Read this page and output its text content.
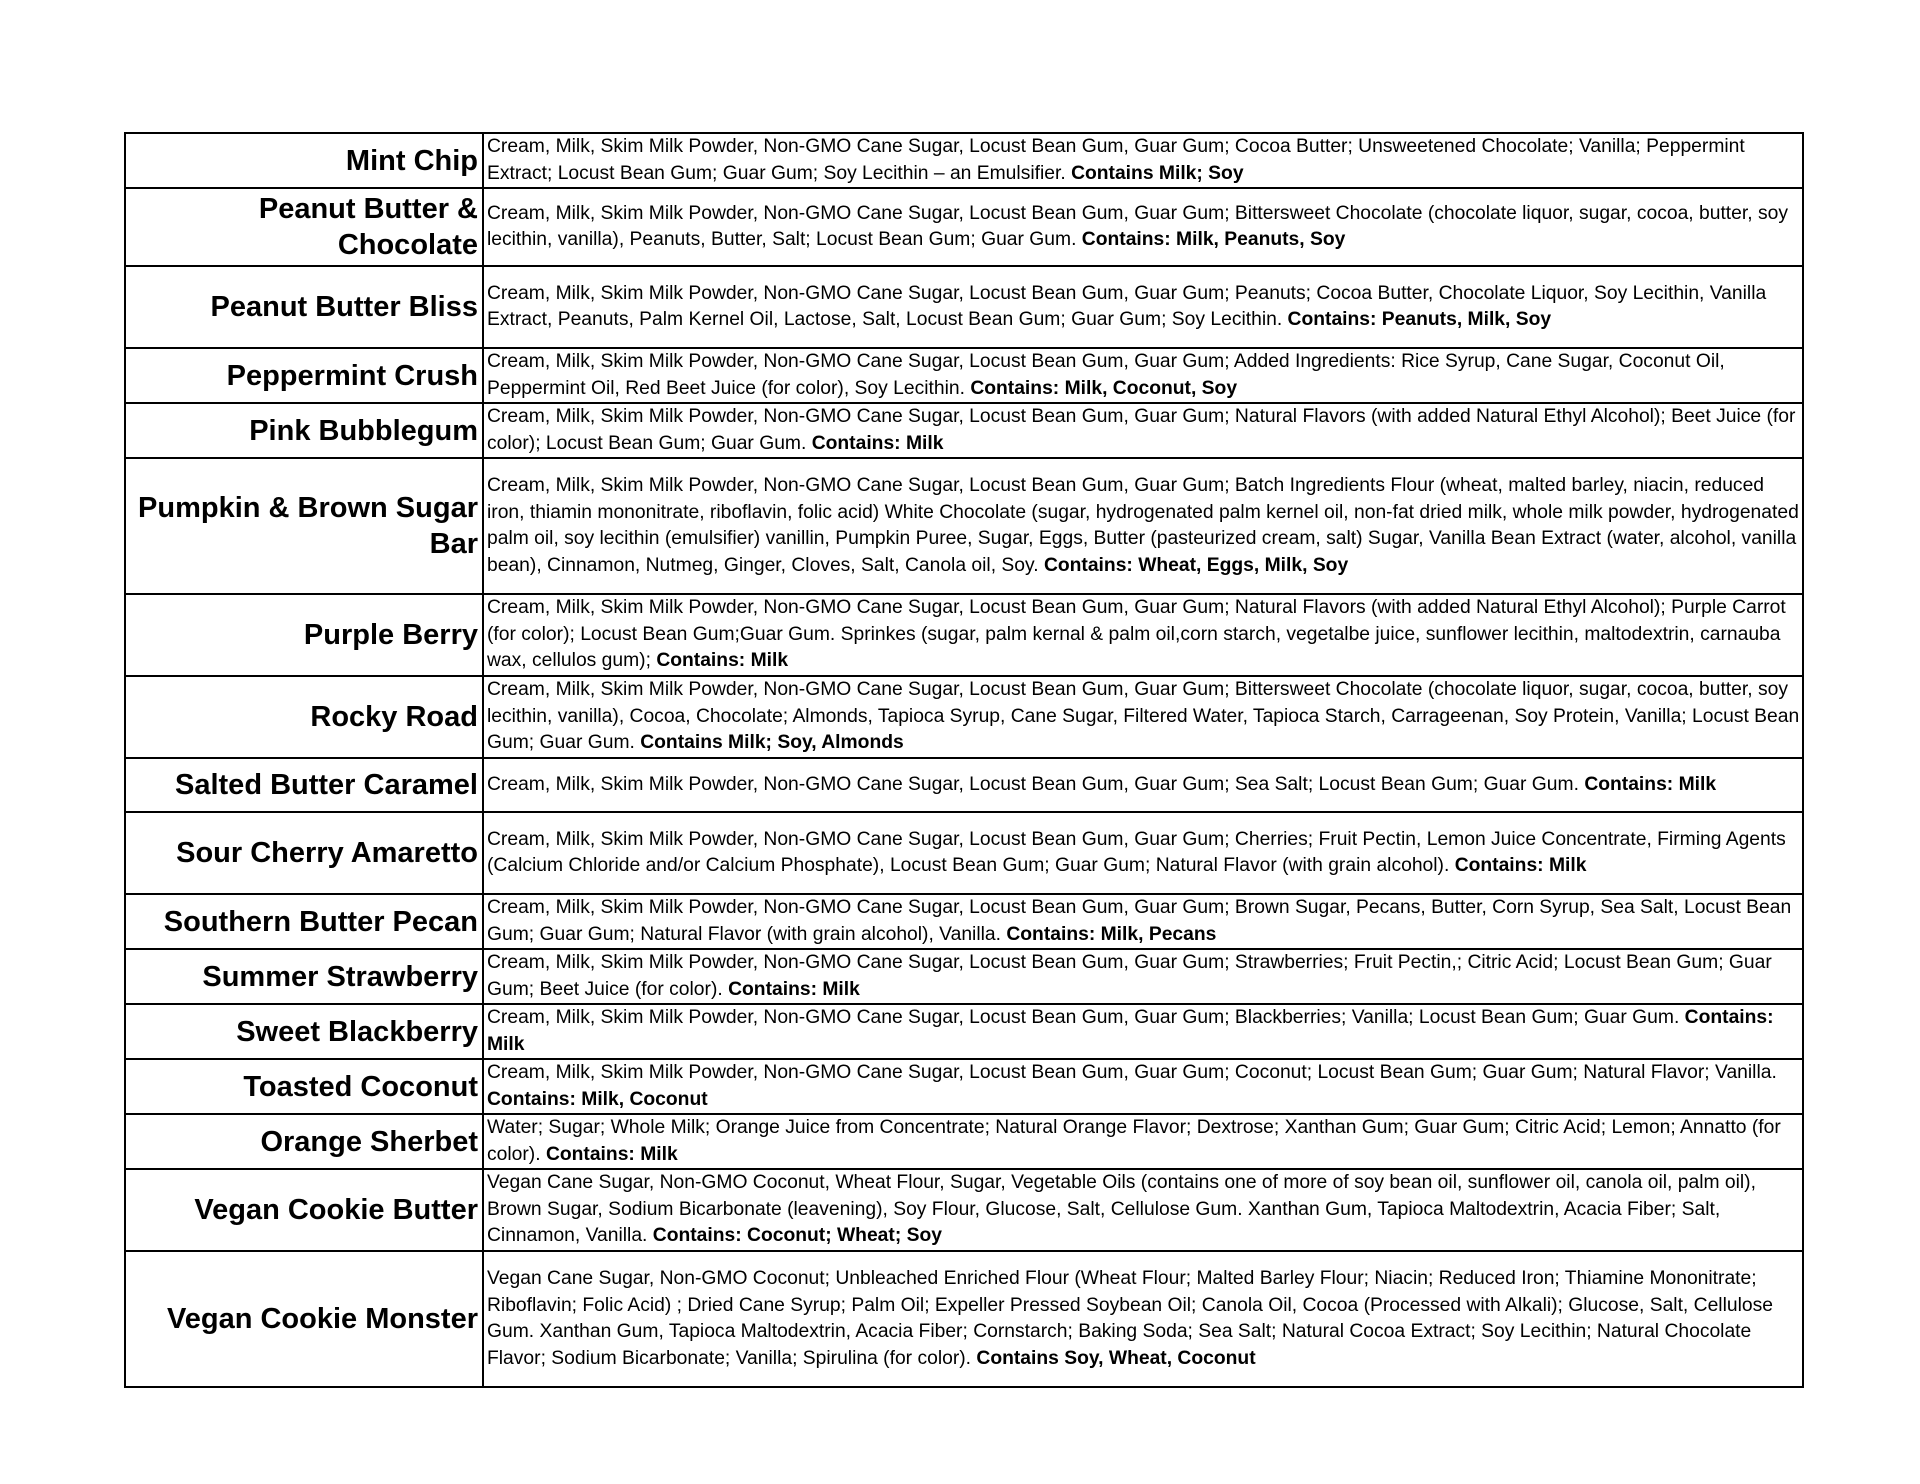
Mint Chip	Cream, Milk, Skim Milk Powder, Non-GMO Cane Sugar, Locust Bean Gum, Guar Gum; Cocoa Butter; Unsweetened Chocolate; Vanilla; Peppermint Extract; Locust Bean Gum; Guar Gum; Soy Lecithin – an Emulsifier. Contains Milk; Soy
Peanut Butter & Chocolate	Cream, Milk, Skim Milk Powder, Non-GMO Cane Sugar, Locust Bean Gum, Guar Gum; Bittersweet Chocolate (chocolate liquor, sugar, cocoa, butter, soy lecithin, vanilla), Peanuts, Butter, Salt; Locust Bean Gum; Guar Gum. Contains: Milk, Peanuts, Soy
Peanut Butter Bliss	Cream, Milk, Skim Milk Powder, Non-GMO Cane Sugar, Locust Bean Gum, Guar Gum; Peanuts; Cocoa Butter, Chocolate Liquor, Soy Lecithin, Vanilla Extract, Peanuts, Palm Kernel Oil, Lactose, Salt, Locust Bean Gum; Guar Gum; Soy Lecithin. Contains: Peanuts, Milk, Soy
Peppermint Crush	Cream, Milk, Skim Milk Powder, Non-GMO Cane Sugar, Locust Bean Gum, Guar Gum; Added Ingredients: Rice Syrup, Cane Sugar, Coconut Oil, Peppermint Oil, Red Beet Juice (for color), Soy Lecithin. Contains: Milk, Coconut, Soy
Pink Bubblegum	Cream, Milk, Skim Milk Powder, Non-GMO Cane Sugar, Locust Bean Gum, Guar Gum; Natural Flavors (with added Natural Ethyl Alcohol); Beet Juice (for color); Locust Bean Gum; Guar Gum. Contains: Milk
Pumpkin & Brown Sugar Bar	Cream, Milk, Skim Milk Powder, Non-GMO Cane Sugar, Locust Bean Gum, Guar Gum; Batch Ingredients Flour (wheat, malted barley, niacin, reduced iron, thiamin mononitrate, riboflavin, folic acid) White Chocolate (sugar, hydrogenated palm kernel oil, non-fat dried milk, whole milk powder, hydrogenated palm oil, soy lecithin (emulsifier) vanillin, Pumpkin Puree, Sugar, Eggs, Butter (pasteurized cream, salt) Sugar, Vanilla Bean Extract (water, alcohol, vanilla bean), Cinnamon, Nutmeg, Ginger, Cloves, Salt, Canola oil, Soy. Contains: Wheat, Eggs, Milk, Soy
Purple Berry	Cream, Milk, Skim Milk Powder, Non-GMO Cane Sugar, Locust Bean Gum, Guar Gum; Natural Flavors (with added Natural Ethyl Alcohol); Purple Carrot (for color); Locust Bean Gum;Guar Gum. Sprinkes (sugar, palm kernal & palm oil,corn starch, vegetalbe juice, sunflower lecithin, maltodextrin, carnauba wax, cellulos gum); Contains: Milk
Rocky Road	Cream, Milk, Skim Milk Powder, Non-GMO Cane Sugar, Locust Bean Gum, Guar Gum; Bittersweet Chocolate (chocolate liquor, sugar, cocoa, butter, soy lecithin, vanilla), Cocoa, Chocolate; Almonds, Tapioca Syrup, Cane Sugar, Filtered Water, Tapioca Starch, Carrageenan, Soy Protein, Vanilla; Locust Bean Gum; Guar Gum. Contains Milk; Soy, Almonds
Salted Butter Caramel	Cream, Milk, Skim Milk Powder, Non-GMO Cane Sugar, Locust Bean Gum, Guar Gum; Sea Salt; Locust Bean Gum; Guar Gum. Contains: Milk
Sour Cherry Amaretto	Cream, Milk, Skim Milk Powder, Non-GMO Cane Sugar, Locust Bean Gum, Guar Gum; Cherries; Fruit Pectin, Lemon Juice Concentrate, Firming Agents (Calcium Chloride and/or Calcium Phosphate), Locust Bean Gum; Guar Gum; Natural Flavor (with grain alcohol). Contains: Milk
Southern Butter Pecan	Cream, Milk, Skim Milk Powder, Non-GMO Cane Sugar, Locust Bean Gum, Guar Gum; Brown Sugar, Pecans, Butter, Corn Syrup, Sea Salt, Locust Bean Gum; Guar Gum; Natural Flavor (with grain alcohol), Vanilla. Contains: Milk, Pecans
Summer Strawberry	Cream, Milk, Skim Milk Powder, Non-GMO Cane Sugar, Locust Bean Gum, Guar Gum; Strawberries; Fruit Pectin,; Citric Acid; Locust Bean Gum; Guar Gum; Beet Juice (for color). Contains: Milk
Sweet Blackberry	Cream, Milk, Skim Milk Powder, Non-GMO Cane Sugar, Locust Bean Gum, Guar Gum; Blackberries; Vanilla; Locust Bean Gum; Guar Gum. Contains: Milk
Toasted Coconut	Cream, Milk, Skim Milk Powder, Non-GMO Cane Sugar, Locust Bean Gum, Guar Gum; Coconut; Locust Bean Gum; Guar Gum; Natural Flavor; Vanilla. Contains: Milk, Coconut
Orange Sherbet	Water; Sugar; Whole Milk; Orange Juice from Concentrate; Natural Orange Flavor; Dextrose; Xanthan Gum; Guar Gum; Citric Acid; Lemon; Annatto (for color). Contains: Milk
Vegan Cookie Butter	Vegan Cane Sugar, Non-GMO Coconut, Wheat Flour, Sugar, Vegetable Oils (contains one of more of soy bean oil, sunflower oil, canola oil, palm oil), Brown Sugar, Sodium Bicarbonate (leavening), Soy Flour, Glucose, Salt, Cellulose Gum. Xanthan Gum, Tapioca Maltodextrin, Acacia Fiber; Salt, Cinnamon, Vanilla. Contains: Coconut; Wheat; Soy
Vegan Cookie Monster	Vegan Cane Sugar, Non-GMO Coconut; Unbleached Enriched Flour (Wheat Flour; Malted Barley Flour; Niacin; Reduced Iron; Thiamine Mononitrate; Riboflavin; Folic Acid) ; Dried Cane Syrup; Palm Oil; Expeller Pressed Soybean Oil; Canola Oil, Cocoa (Processed with Alkali); Glucose, Salt, Cellulose Gum. Xanthan Gum, Tapioca Maltodextrin, Acacia Fiber; Cornstarch; Baking Soda; Sea Salt; Natural Cocoa Extract; Soy Lecithin; Natural Chocolate Flavor; Sodium Bicarbonate; Vanilla; Spirulina (for color). Contains Soy, Wheat, Coconut
